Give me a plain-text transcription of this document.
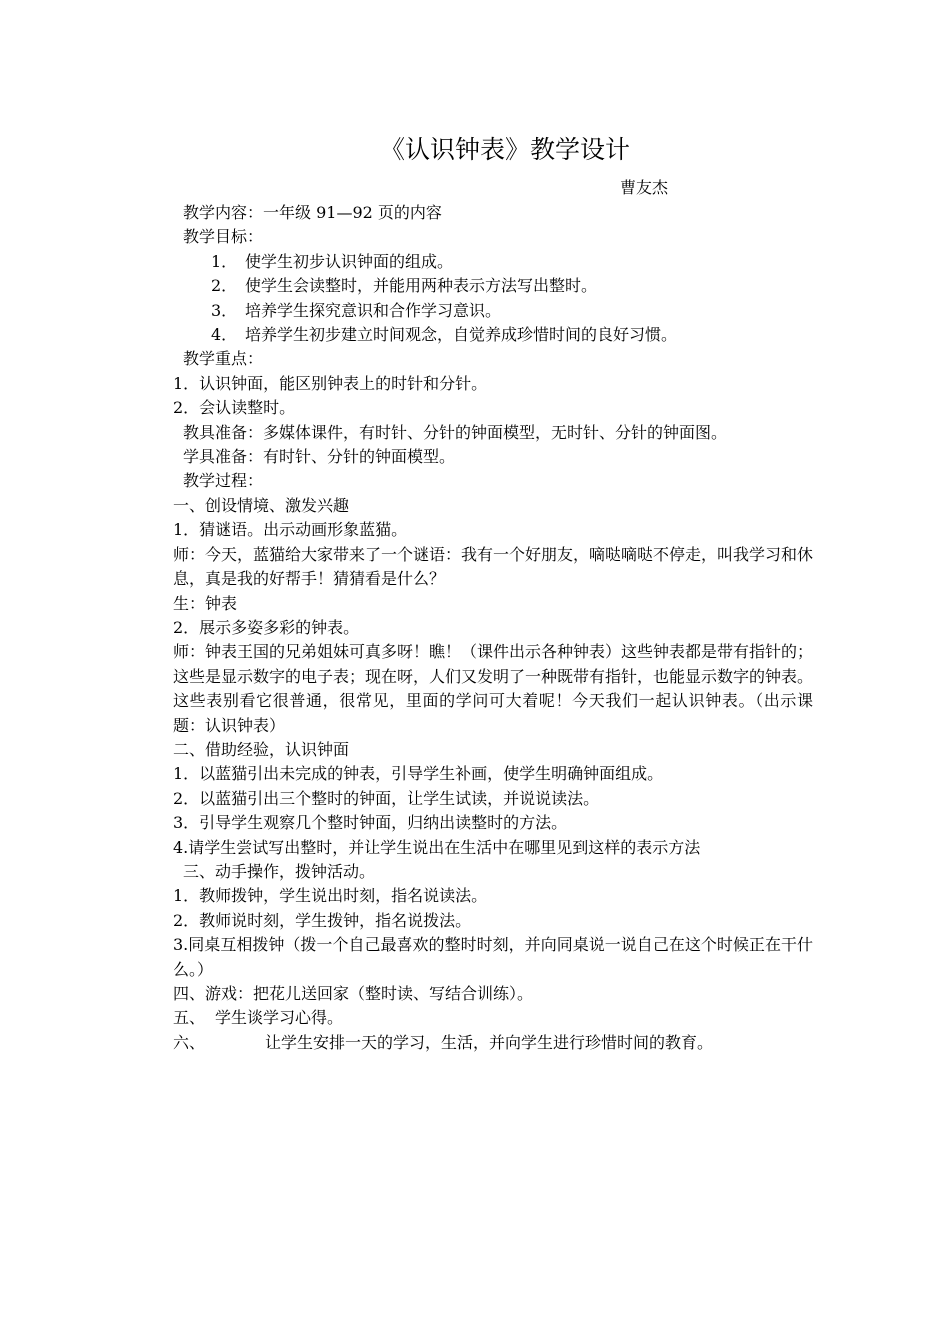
《认识钟表》教学设计
曹友杰
教学内容：一年级 91—92 页的内容
教学目标：
1． 使学生初步认识钟面的组成。
2． 使学生会读整时，并能用两种表示方法写出整时。
3． 培养学生探究意识和合作学习意识。
4． 培养学生初步建立时间观念，自觉养成珍惜时间的良好习惯。
教学重点：
1．认识钟面，能区别钟表上的时针和分针。
2．会认读整时。
教具准备：多媒体课件，有时针、分针的钟面模型，无时针、分针的钟面图。
学具准备：有时针、分针的钟面模型。
教学过程：
一、创设情境、激发兴趣
1．猜谜语。出示动画形象蓝猫。
师：今天，蓝猫给大家带来了一个谜语：我有一个好朋友，嘀哒嘀哒不停走，叫我学习和休息，真是我的好帮手！猜猜看是什么？
生：钟表
2．展示多姿多彩的钟表。
师：钟表王国的兄弟姐妹可真多呀！瞧！（课件出示各种钟表）这些钟表都是带有指针的；这些是显示数字的电子表；现在呀，人们又发明了一种既带有指针，也能显示数字的钟表。这些表别看它很普通，很常见，里面的学问可大着呢！今天我们一起认识钟表。（出示课题：认识钟表）
二、借助经验，认识钟面
1．以蓝猫引出未完成的钟表，引导学生补画，使学生明确钟面组成。
2．以蓝猫引出三个整时的钟面，让学生试读，并说说读法。
3．引导学生观察几个整时钟面，归纳出读整时的方法。
4.请学生尝试写出整时，并让学生说出在生活中在哪里见到这样的表示方法
三、动手操作，拨钟活动。
1．教师拨钟，学生说出时刻，指名说读法。
2．教师说时刻，学生拨钟，指名说拨法。
3.同桌互相拨钟（拨一个自己最喜欢的整时时刻，并向同桌说一说自己在这个时候正在干什么。）
四、游戏：把花儿送回家（整时读、写结合训练）。
五、 学生谈学习心得。
六、	让学生安排一天的学习，生活，并向学生进行珍惜时间的教育。
